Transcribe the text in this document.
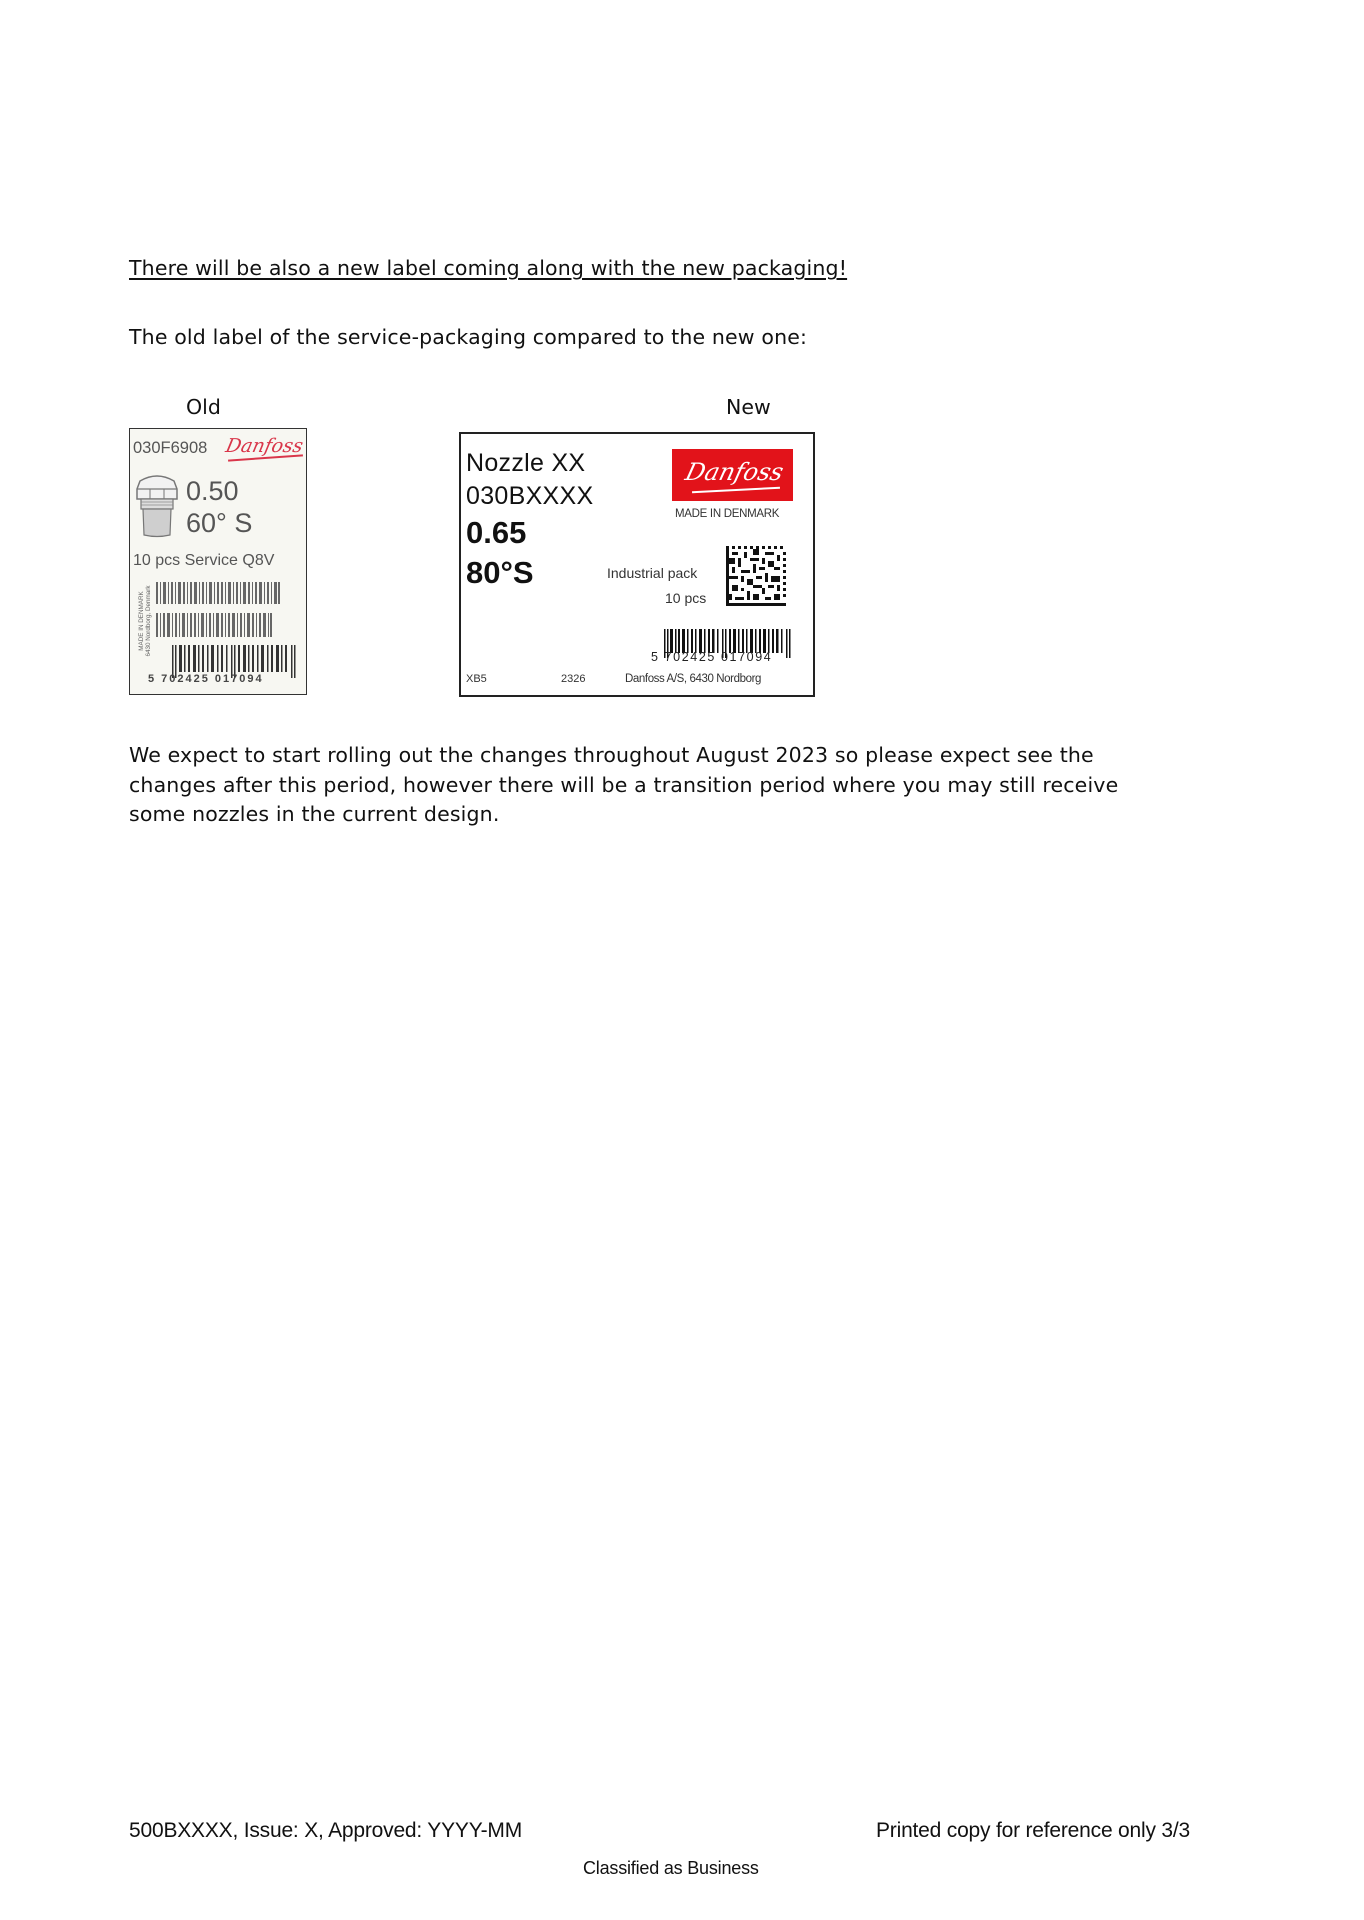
There will be also a new label coming along with the new packaging!
The old label of the service-packaging compared to the new one:
Old	New
030F6908 Danfoss
0.50
60° S
10 pcs Service Q8V
MADE IN DENMARK 6430 Nordborg, Denmark
5 702425 017094
Nozzle XX
030BXXXX
0.65
80°S
Danfoss
MADE IN DENMARK
Industrial pack
10 pcs
5 702425 017094
XB5	2326	Danfoss A/S, 6430 Nordborg
We expect to start rolling out the changes throughout August 2023 so please expect see the
changes after this period, however there will be a transition period where you may still receive
some nozzles in the current design.
500BXXXX, Issue: X, Approved: YYYY-MM	Printed copy for reference only 3/3
Classified as Business
